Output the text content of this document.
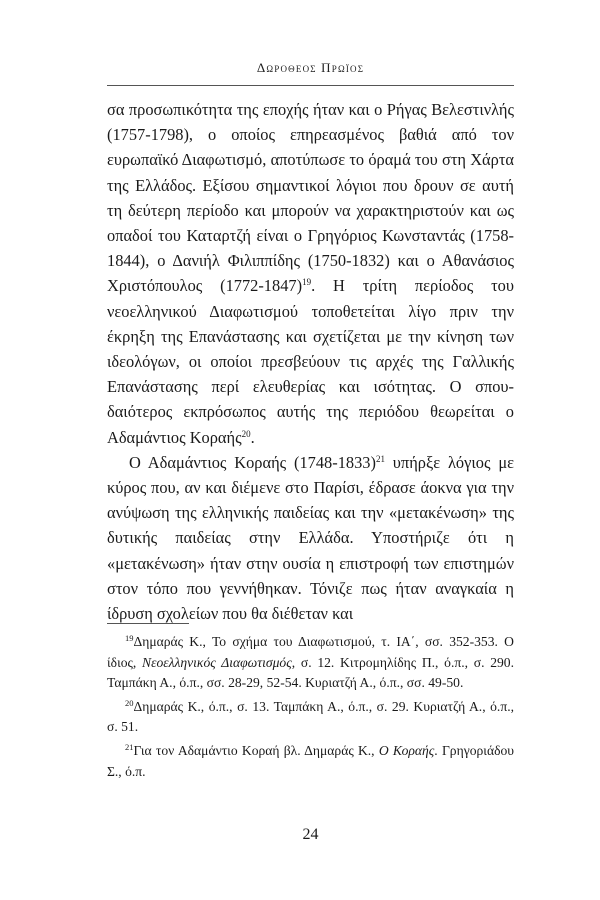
Δωροθεος Πρωϊος

σα προσωπικότητα της εποχής ήταν και ο Ρήγας Βελεστινλής (1757-1798), ο οποίος επηρεασμένος βαθιά από τον ευρωπαϊκό Διαφωτισμό, αποτύπωσε το όραμά του στη Χάρτα της Ελλάδος. Εξίσου σημαντικοί λόγιοι που δρουν σε αυτή τη δεύτερη περίοδο και μπορούν να χαρακτηριστούν και ως οπαδοί του Καταρτζή είναι ο Γρηγόριος Κωνσταντάς (1758-1844), ο Δανιήλ Φιλιππίδης (1750-1832) και ο Αθανάσιος Χριστόπουλος (1772-1847)$^{19}$. Η τρίτη περίοδος του νεοελληνικού Διαφωτισμού τοποθετείται λίγο πριν την έκρηξη της Επανάστασης και σχετίζεται με την κίνηση των ιδεολόγων, οι οποίοι πρεσβεύουν τις αρχές της Γαλλικής Επανάστασης περί ελευθερίας και ισότητας. Ο σπουδαιότερος εκπρόσωπος αυτής της περιόδου θεωρείται ο Αδαμάντιος Κοραής$^{20}$.

Ο Αδαμάντιος Κοραής (1748-1833)$^{21}$ υπήρξε λόγιος με κύρος που, αν και διέμενε στο Παρίσι, έδρασε άοκνα για την ανύψωση της ελληνικής παιδείας και την «μετακένωση» της δυτικής παιδείας στην Ελλάδα. Υποστήριζε ότι η «μετακένωση» ήταν στην ουσία η επιστροφή των επιστημών στον τόπο που γεννήθηκαν. Τόνιζε πως ήταν αναγκαία η ίδρυση σχολείων που θα διέθεταν και

$^{19}$Δημαράς Κ., Το σχήμα του Διαφωτισμού, τ. ΙΑ΄, σσ. 352-353. Ο ίδιος, Νεοελληνικός Διαφωτισμός, σ. 12. Κιτρομηλίδης Π., ό.π., σ. 290. Ταμπάκη Α., ό.π., σσ. 28-29, 52-54. Κυριατζή Α., ό.π., σσ. 49-50.

$^{20}$Δημαράς Κ., ό.π., σ. 13. Ταμπάκη Α., ό.π., σ. 29. Κυριατζή Α., ό.π., σ. 51.

$^{21}$Για τον Αδαμάντιο Κοραή βλ. Δημαράς Κ., Ο Κοραής. Γρηγοριάδου Σ., ό.π.

24
